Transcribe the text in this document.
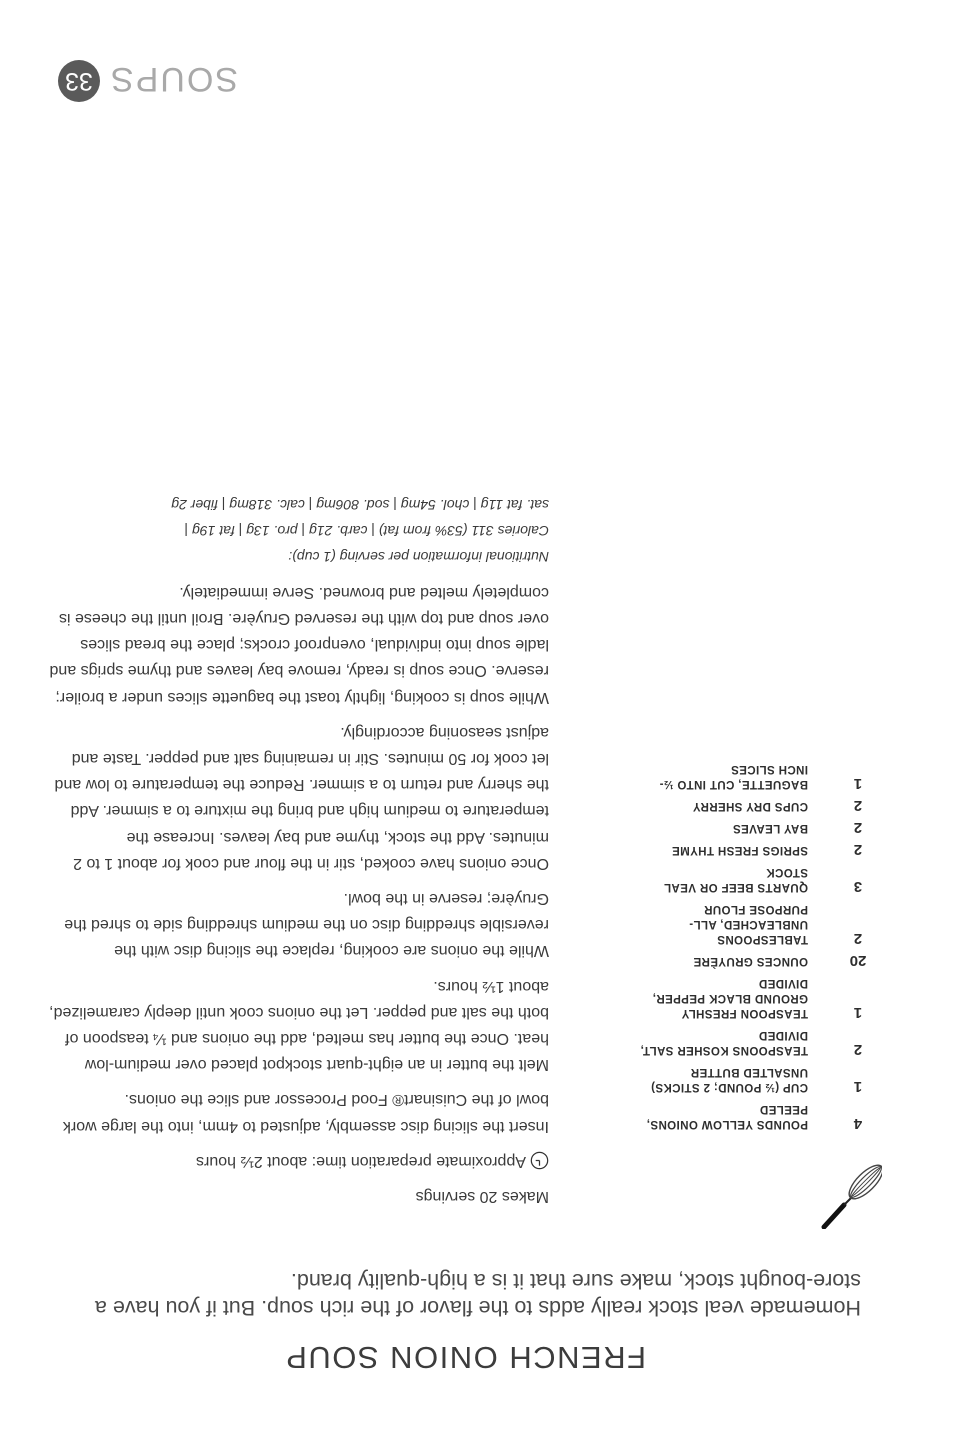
FRENCH ONION SOUP

Homemade veal stock really adds to the flavor of the rich soup. But if you have a store-bought stock, make sure that it is a high-quality brand.

4
POUNDS YELLOW ONIONS, PEELED
1
CUP (½ POUND; 2 STICKS) UNSALTED BUTTER
2
TEASPOONS KOSHER SALT, DIVIDED
1
TEASPOON FRESHLY GROUND BLACK PEPPER, DIVIDED
20
OUNCES GRUYÈRE
2
TABLESPOONS UNBLEACHED, ALL-PURPOSE FLOUR
3
QUARTS BEEF OR VEAL STOCK
2
SPRIGS FRESH THYME
2
BAY LEAVES
2
CUPS DRY SHERRY
1
BAGUETTE, CUT INTO ½-INCH SLICES

Makes 20 servings

Approximate preparation time: about 2½ hours

Insert the slicing disc assembly, adjusted to 4mm, into the large work bowl of the Cuisinart® Food Processor and slice the onions.

Melt the butter in an eight-quart stockpot placed over medium-low heat. Once the butter has melted, add the onions and ¼ teaspoon of both the salt and pepper. Let the onions cook until deeply caramelized, about 1½ hours.

While the onions are cooking, replace the slicing disc with the reversible shredding disc on the medium shredding side to shred the Gruyère; reserve in the bowl.

Once onions have cooked, stir in the flour and cook for about 1 to 2 minutes. Add the stock, thyme and bay leaves. Increase the temperature to medium high and bring the mixture to a simmer. Add the sherry and return to a simmer. Reduce the temperature to low and let cook for 50 minutes. Stir in remaining salt and pepper. Taste and adjust seasoning accordingly.

While soup is cooking, lightly toast the baguette slices under a broiler; reserve. Once soup is ready, remove bay leaves and thyme sprigs and ladle soup into individual, ovenproof crocks; place the bread slices over soup and top with the reserved Gruyère. Broil until the cheese is completely melted and browned. Serve immediately.

Nutritional information per serving (1 cup):

Calories 311 (53% from fat) | carb. 21g | pro. 13g | fat 19g |

sat. fat 11g | chol. 54mg | sod. 806mg | calc. 318mg | fiber 2g

SOUPS
33
